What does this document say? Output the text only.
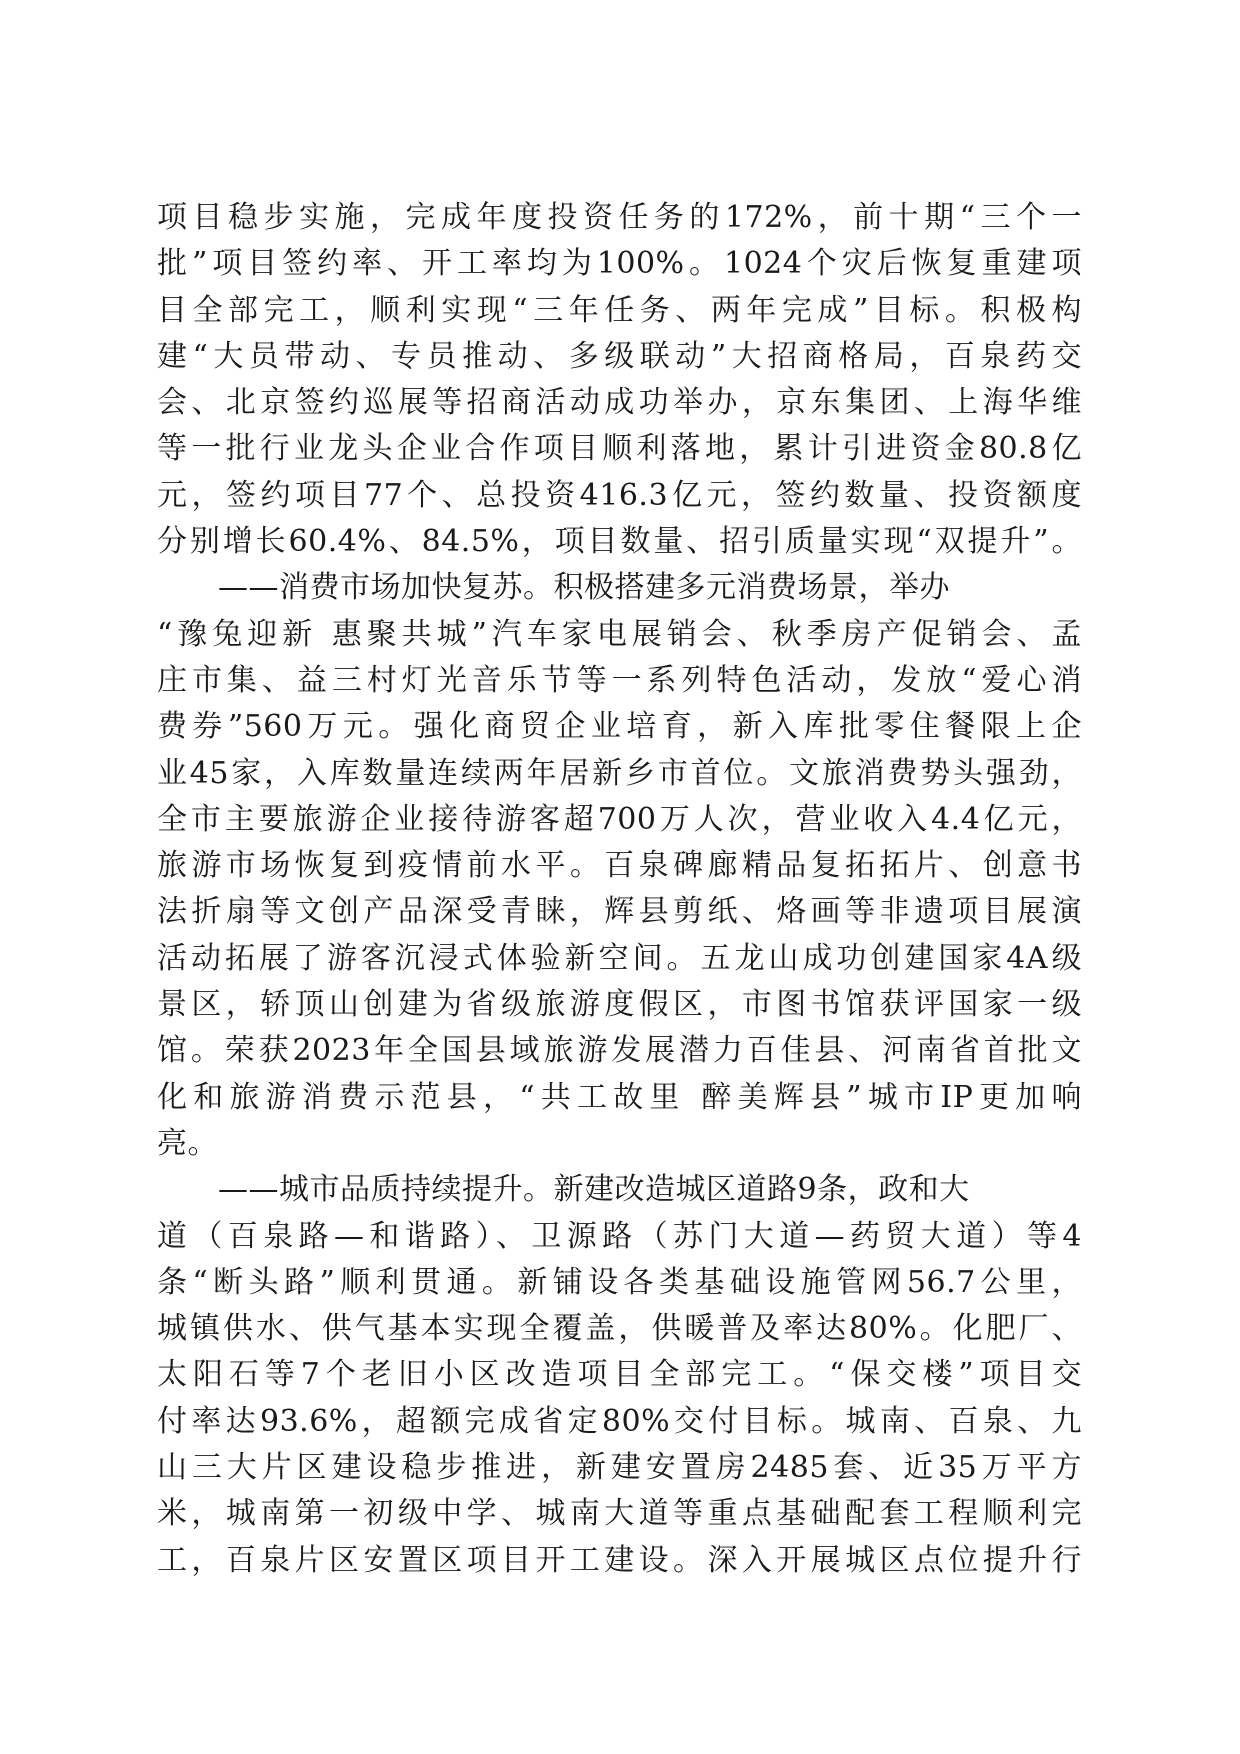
项目稳步实施，完成年度投资任务的172%，前十期“三个一
批”项目签约率、开工率均为100%。1024个灾后恢复重建项
目全部完工，顺利实现“三年任务、两年完成”目标。积极构
建“大员带动、专员推动、多级联动”大招商格局，百泉药交
会、北京签约巡展等招商活动成功举办，京东集团、上海华维
等一批行业龙头企业合作项目顺利落地，累计引进资金80.8亿
元，签约项目77个、总投资416.3亿元，签约数量、投资额度
分别增长60.4%、84.5%，项目数量、招引质量实现“双提升”。
　　——消费市场加快复苏。积极搭建多元消费场景，举办
“豫兔迎新 惠聚共城”汽车家电展销会、秋季房产促销会、孟
庄市集、益三村灯光音乐节等一系列特色活动，发放“爱心消
费券”560万元。强化商贸企业培育，新入库批零住餐限上企
业45家，入库数量连续两年居新乡市首位。文旅消费势头强劲，
全市主要旅游企业接待游客超700万人次，营业收入4.4亿元，
旅游市场恢复到疫情前水平。百泉碑廊精品复拓拓片、创意书
法折扇等文创产品深受青睐，辉县剪纸、烙画等非遗项目展演
活动拓展了游客沉浸式体验新空间。五龙山成功创建国家4A级
景区，轿顶山创建为省级旅游度假区，市图书馆获评国家一级
馆。荣获2023年全国县域旅游发展潜力百佳县、河南省首批文
化和旅游消费示范县，“共工故里 醉美辉县”城市IP更加响
亮。
　　——城市品质持续提升。新建改造城区道路9条，政和大
道（百泉路—和谐路）、卫源路（苏门大道—药贸大道）等4
条“断头路”顺利贯通。新铺设各类基础设施管网56.7公里，
城镇供水、供气基本实现全覆盖，供暖普及率达80%。化肥厂、
太阳石等7个老旧小区改造项目全部完工。“保交楼”项目交
付率达93.6%，超额完成省定80%交付目标。城南、百泉、九
山三大片区建设稳步推进，新建安置房2485套、近35万平方
米，城南第一初级中学、城南大道等重点基础配套工程顺利完
工，百泉片区安置区项目开工建设。深入开展城区点位提升行
